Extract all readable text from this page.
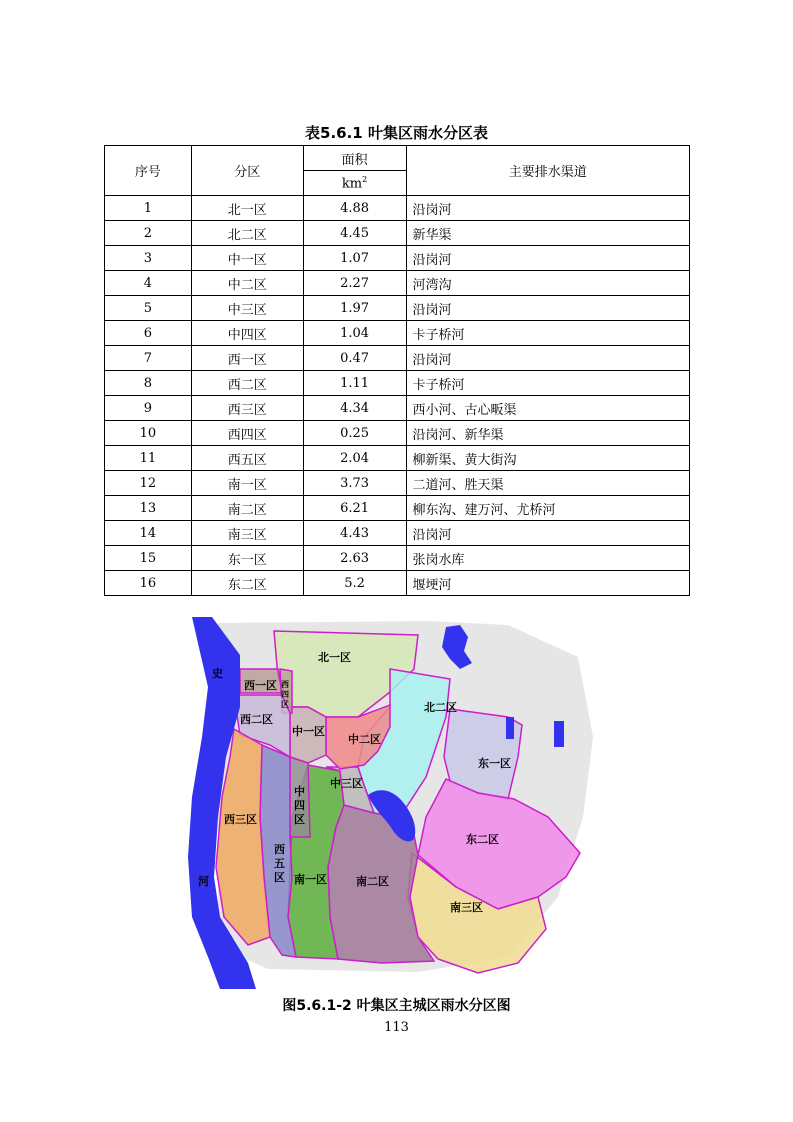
表5.6.1 叶集区雨水分区表
序号	分区	面积	主要排水渠道
		$km^2$
1	北一区	4.88	沿岗河
2	北二区	4.45	新华渠
3	中一区	1.07	沿岗河
4	中二区	2.27	河湾沟
5	中三区	1.97	沿岗河
6	中四区	1.04	卡子桥河
7	西一区	0.47	沿岗河
8	西二区	1.11	卡子桥河
9	西三区	4.34	西小河、古心畈渠
10	西四区	0.25	沿岗河、新华渠
11	西五区	2.04	柳新渠、黄大街沟
12	南一区	3.73	二道河、胜天渠
13	南二区	6.21	柳东沟、建万河、尤桥河
14	南三区	4.43	沿岗河
15	东一区	2.63	张岗水库
16	东二区	5.2	堰埂河
史
河
北一区
北二区
中一区
中二区
中三区
中
四
区
西一区 西
四
区
西二区
西三区
西
五
区 南一区	南二区
南三区
东一区
东二区
图5.6.1-2 叶集区主城区雨水分区图
113
